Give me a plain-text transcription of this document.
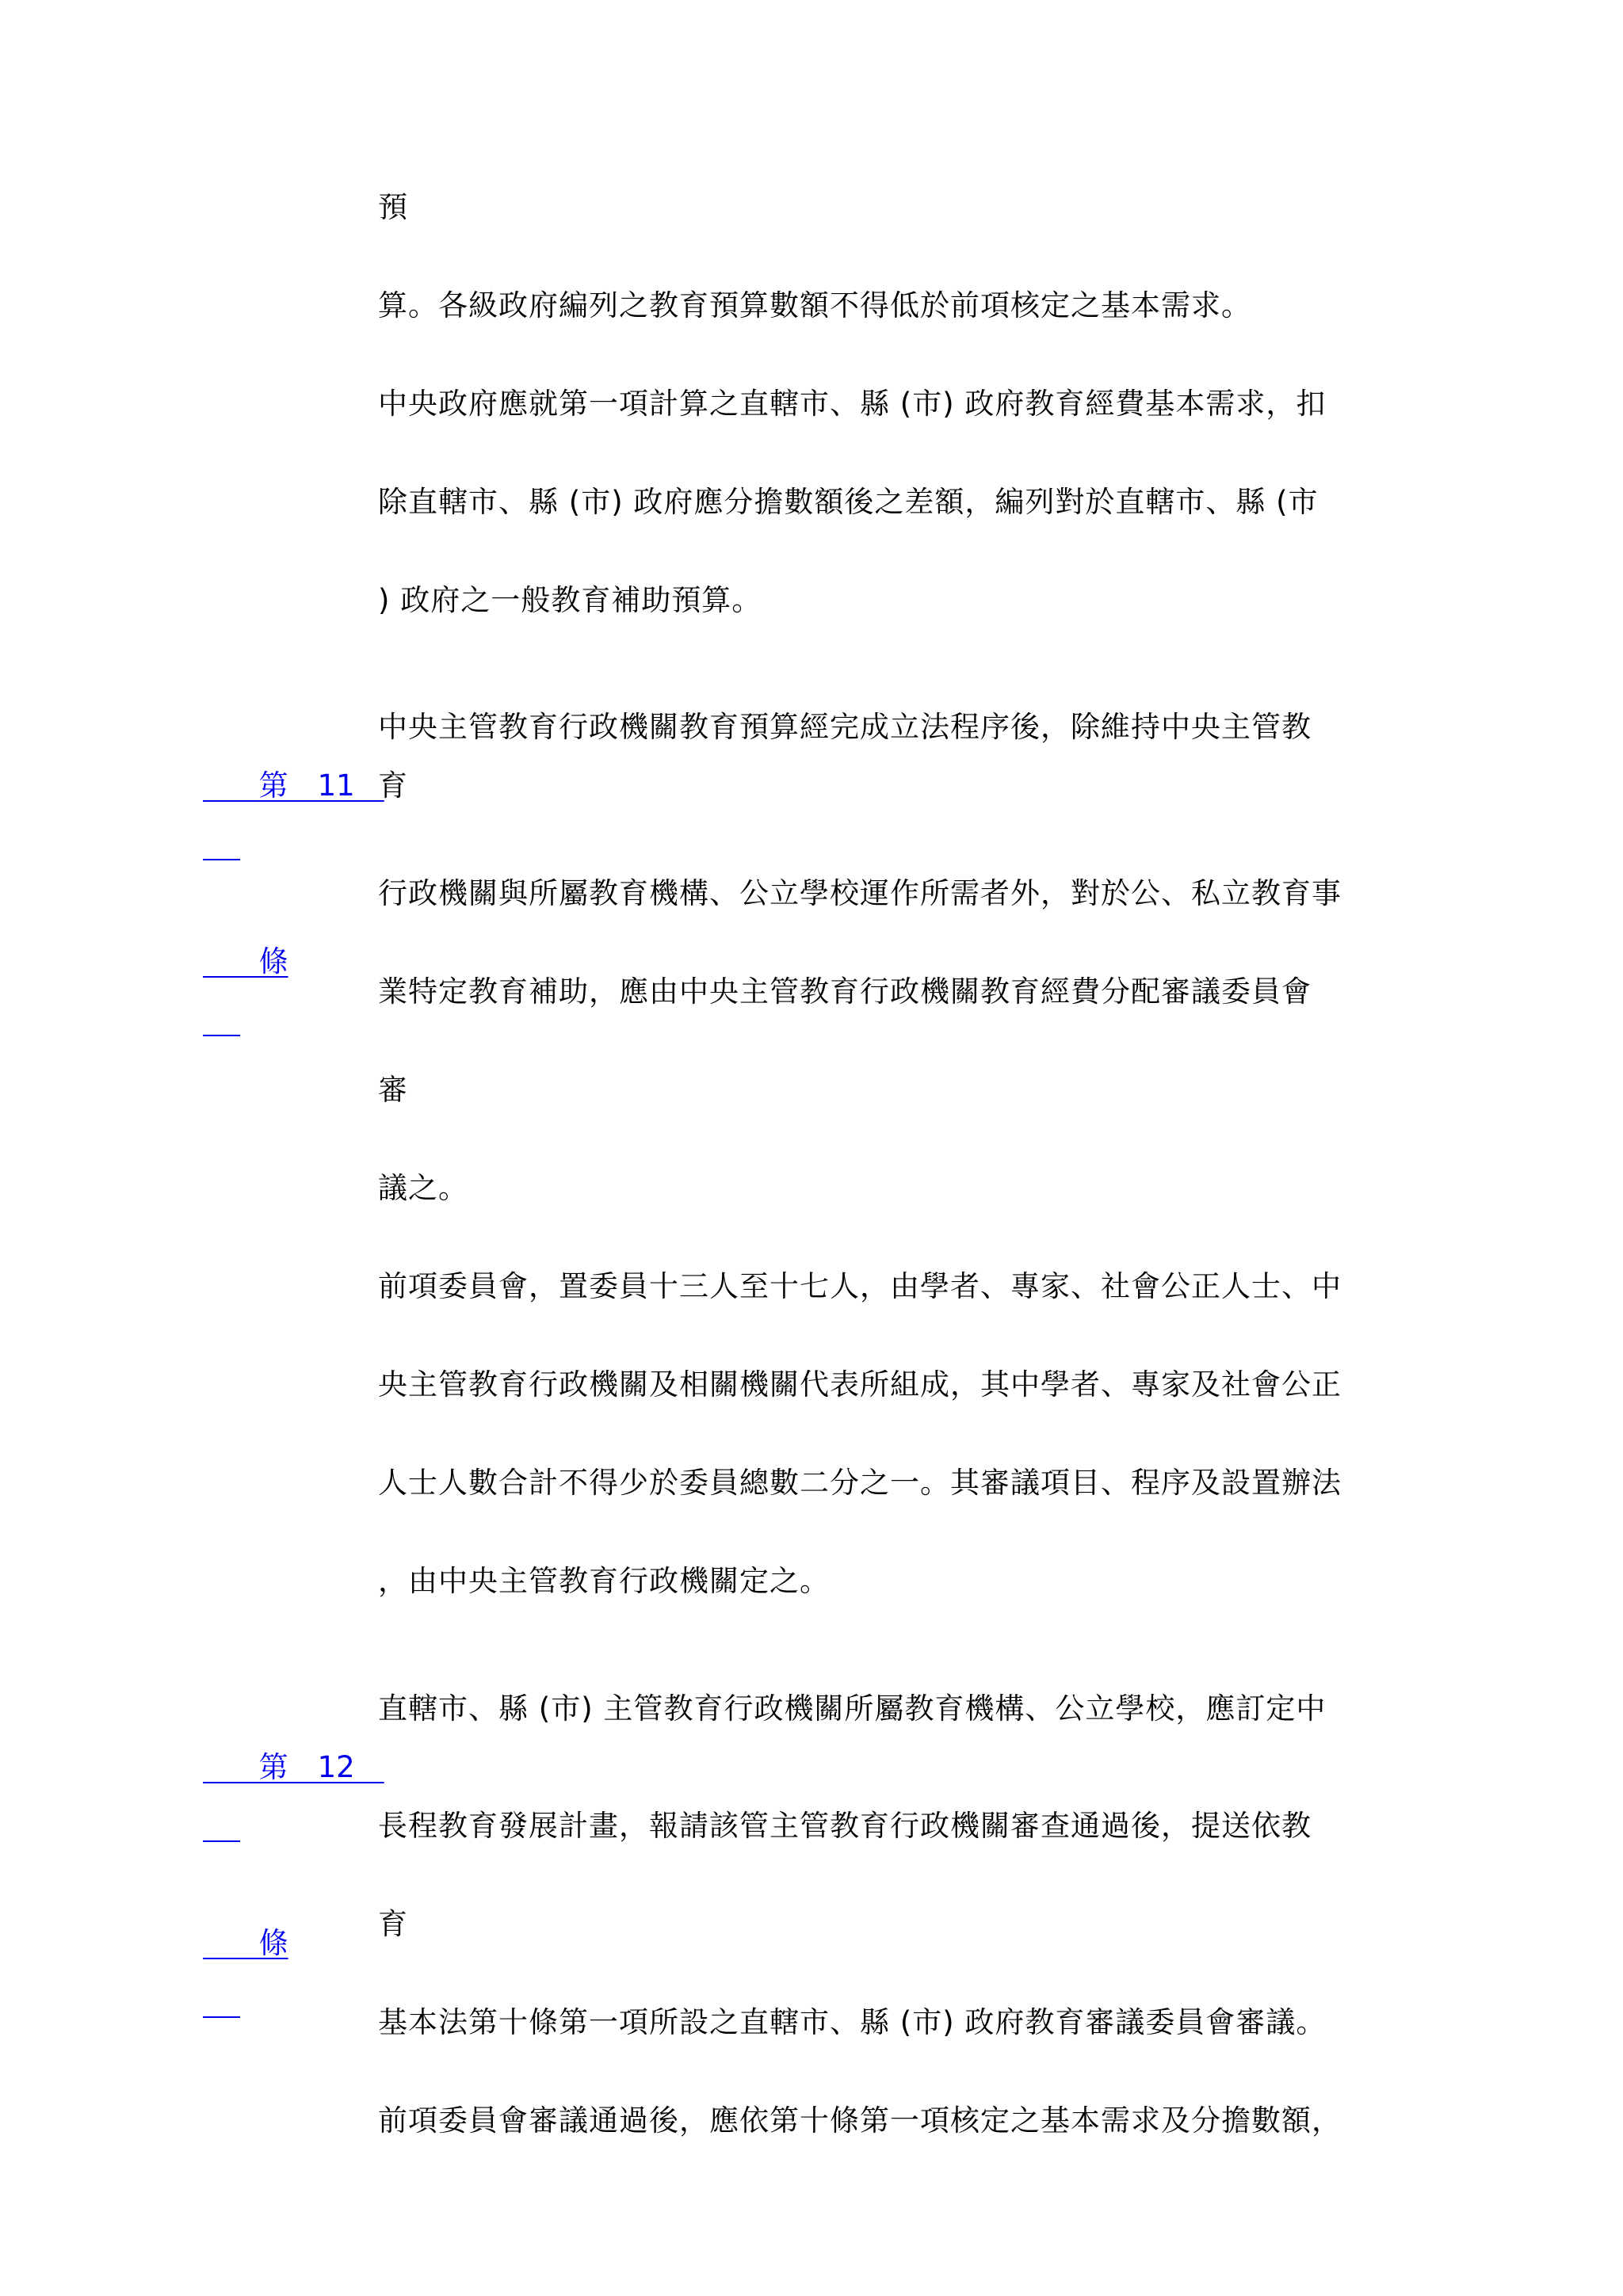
預
算。各級政府編列之教育預算數額不得低於前項核定之基本需求。
中央政府應就第一項計算之直轄市、縣 (市) 政府教育經費基本需求，扣
除直轄市、縣 (市) 政府應分擔數額後之差額，編列對於直轄市、縣 (市
) 政府之一般教育補助預算。

第　11　

條

中央主管教育行政機關教育預算經完成立法程序後，除維持中央主管教
育
行政機關與所屬教育機構、公立學校運作所需者外，對於公、私立教育事
業特定教育補助，應由中央主管教育行政機關教育經費分配審議委員會
審
議之。
前項委員會，置委員十三人至十七人，由學者、專家、社會公正人士、中
央主管教育行政機關及相關機關代表所組成，其中學者、專家及社會公正
人士人數合計不得少於委員總數二分之一。其審議項目、程序及設置辦法
，由中央主管教育行政機關定之。

第　12　

條

直轄市、縣 (市) 主管教育行政機關所屬教育機構、公立學校，應訂定中
長程教育發展計畫，報請該管主管教育行政機關審查通過後，提送依教
育
基本法第十條第一項所設之直轄市、縣 (市) 政府教育審議委員會審議。
前項委員會審議通過後，應依第十條第一項核定之基本需求及分擔數額，
